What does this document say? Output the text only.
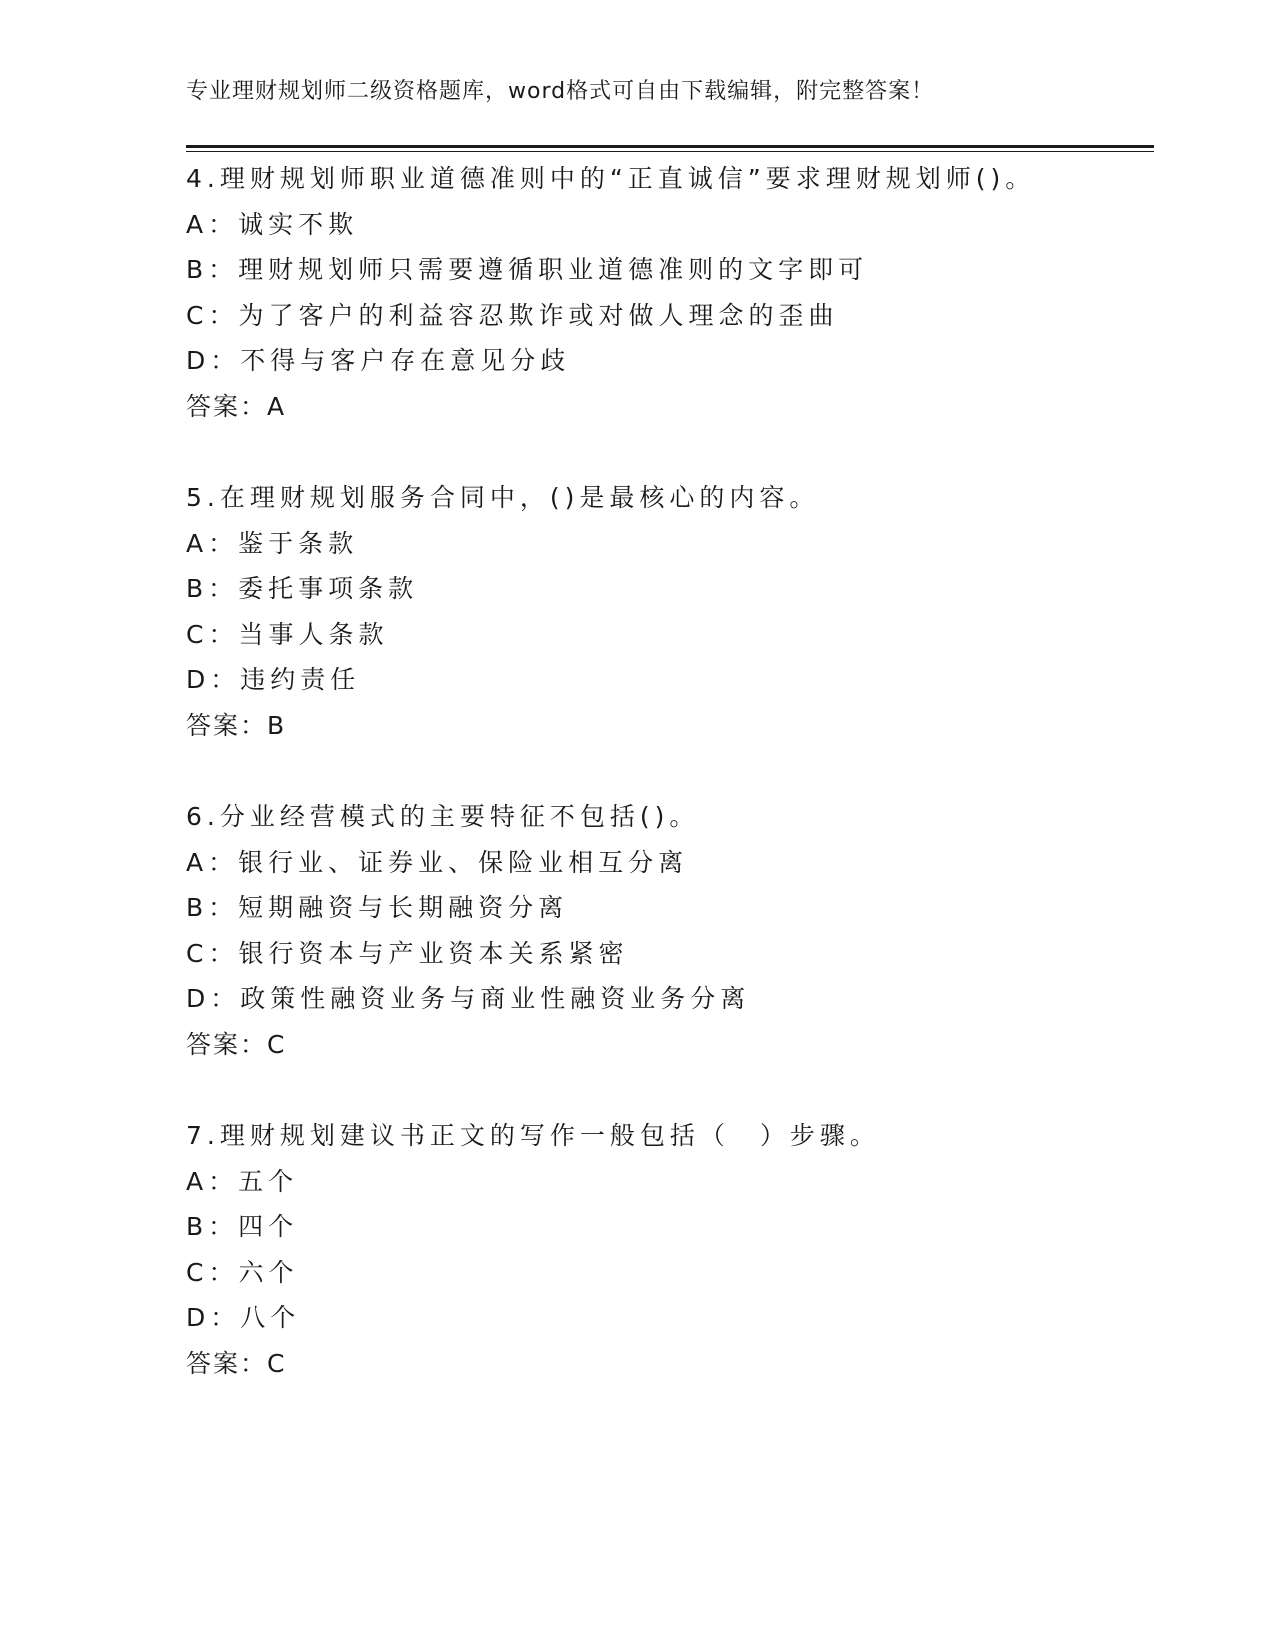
专业理财规划师二级资格题库，word格式可自由下载编辑，附完整答案！
4.理财规划师职业道德准则中的“正直诚信”要求理财规划师()。
A：诚实不欺
B：理财规划师只需要遵循职业道德准则的文字即可
C：为了客户的利益容忍欺诈或对做人理念的歪曲
D：不得与客户存在意见分歧
答案：A
5.在理财规划服务合同中，()是最核心的内容。
A：鉴于条款
B：委托事项条款
C：当事人条款
D：违约责任
答案：B
6.分业经营模式的主要特征不包括()。
A：银行业、证券业、保险业相互分离
B：短期融资与长期融资分离
C：银行资本与产业资本关系紧密
D：政策性融资业务与商业性融资业务分离
答案：C
7.理财规划建议书正文的写作一般包括（　）步骤。
A：五个
B：四个
C：六个
D：八个
答案：C
